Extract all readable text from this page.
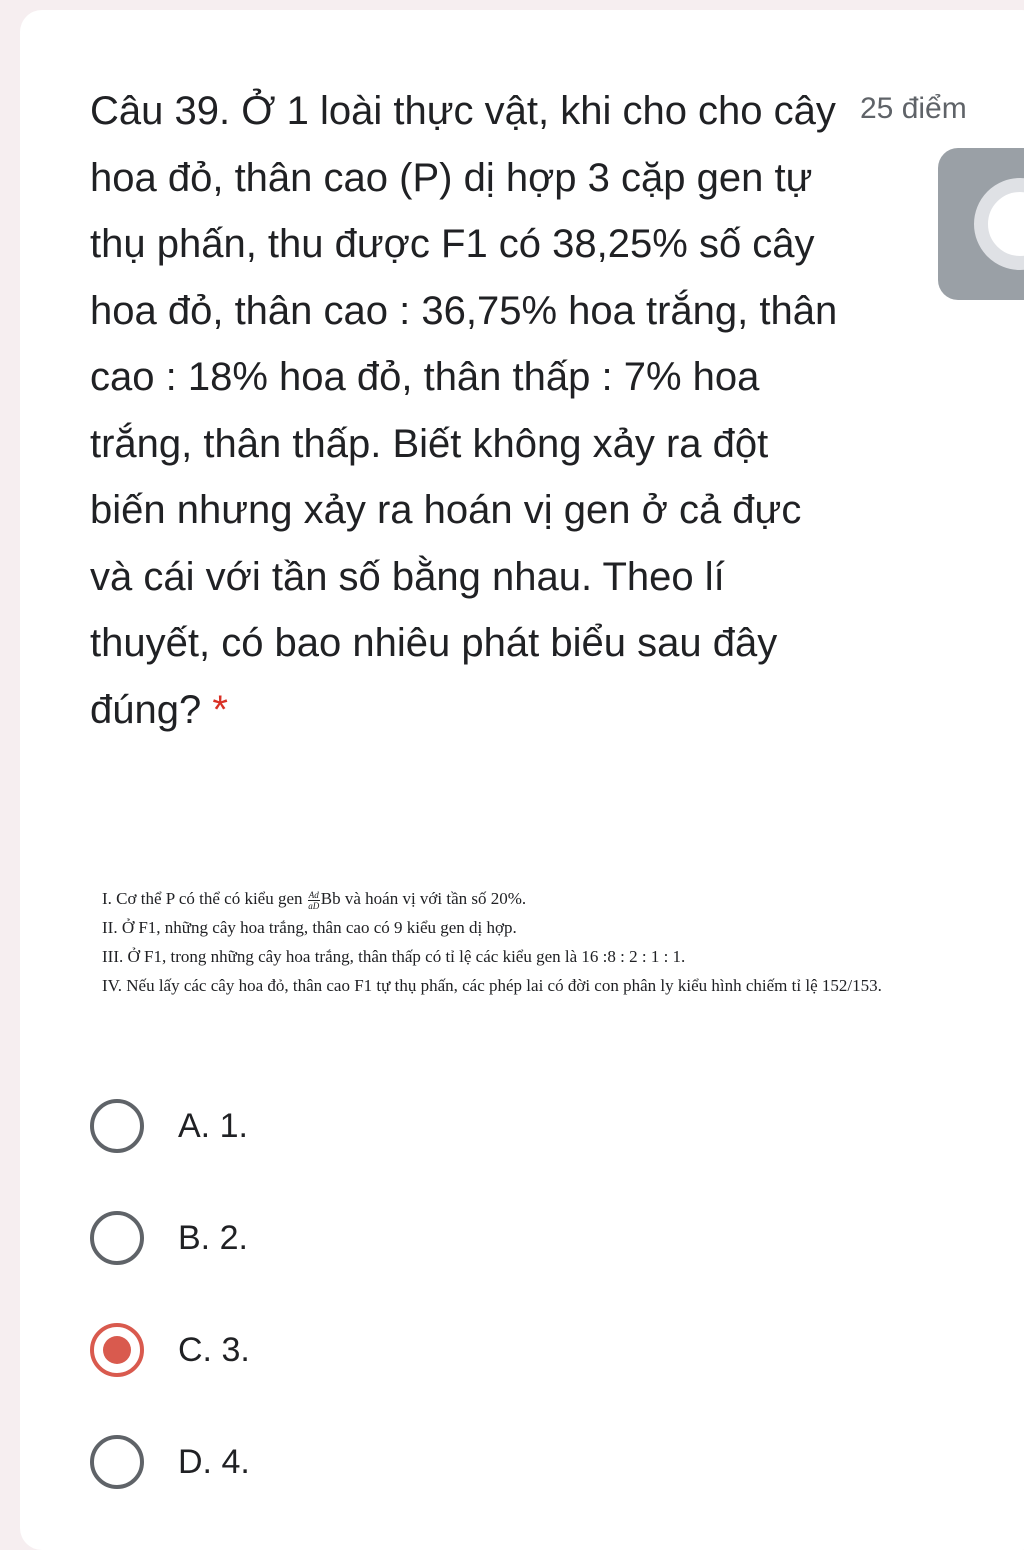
Câu 39. Ở 1 loài thực vật, khi cho cho cây hoa đỏ, thân cao (P) dị hợp 3 cặp gen tự thụ phấn, thu được F1 có 38,25% số cây hoa đỏ, thân cao : 36,75% hoa trắng, thân cao : 18% hoa đỏ, thân thấp : 7% hoa trắng, thân thấp. Biết không xảy ra đột biến nhưng xảy ra hoán vị gen ở cả đực và cái với tần số bằng nhau. Theo lí thuyết, có bao nhiêu phát biểu sau đây đúng? *
25 điểm

I. Cơ thể P có thể có kiểu gen $\frac{Ad}{aD}$ Bb và hoán vị với tần số 20%.

II. Ở F1, những cây hoa trắng, thân cao có 9 kiểu gen dị hợp.

III. Ở F1, trong những cây hoa trắng, thân thấp có tỉ lệ các kiểu gen là 16 :8 : 2 : 1 : 1.

IV. Nếu lấy các cây hoa đỏ, thân cao F1 tự thụ phấn, các phép lai có đời con phân ly kiểu hình chiếm tỉ lệ 152/153.

A. 1.
B. 2.
C. 3.
D. 4.
